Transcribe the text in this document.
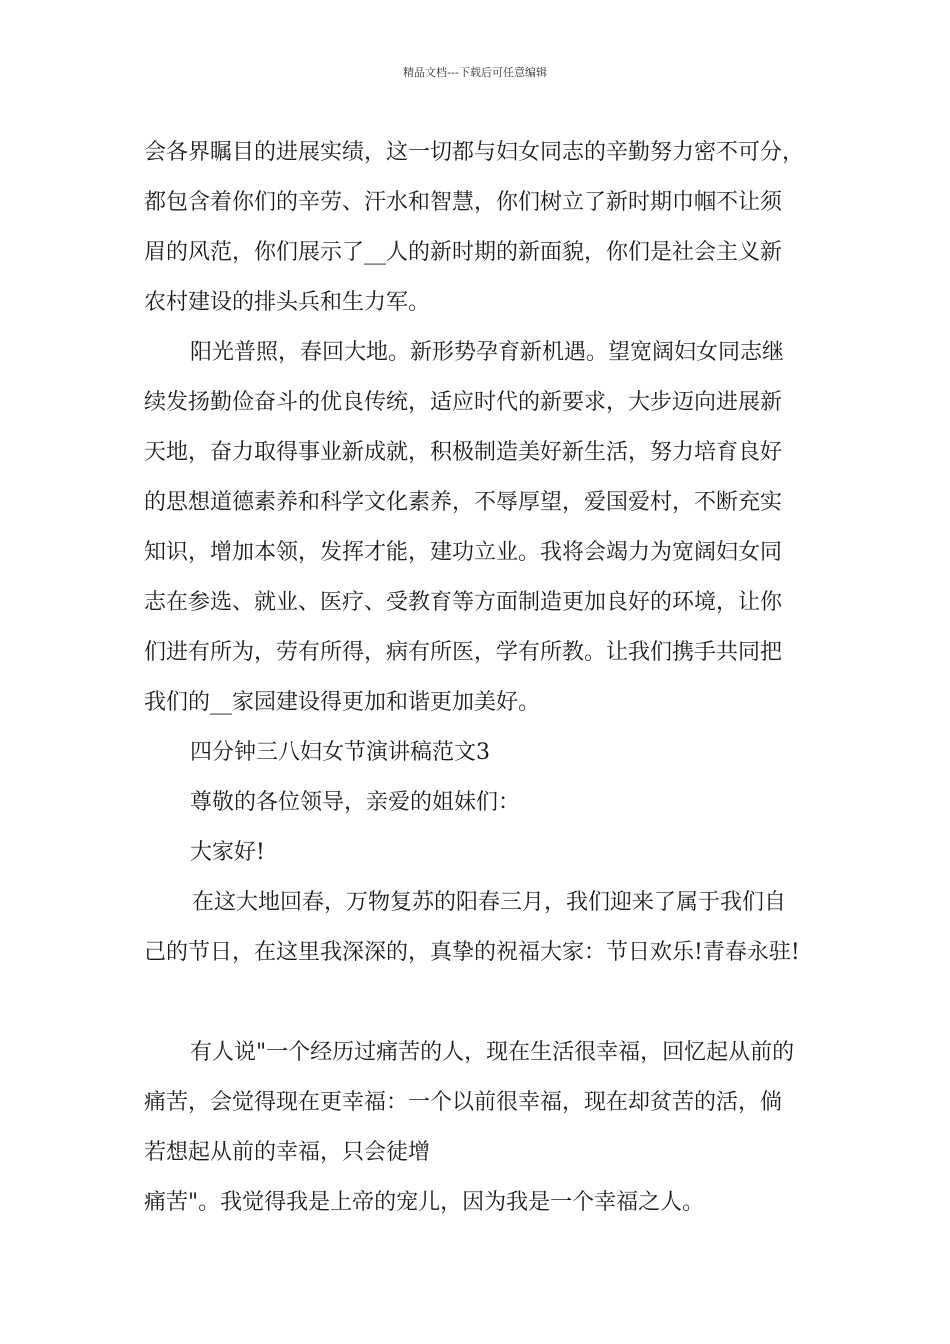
精品文档---下载后可任意编辑
会各界瞩目的进展实绩，这一切都与妇女同志的辛勤努力密不可分，
都包含着你们的辛劳、汗水和智慧，你们树立了新时期巾帼不让须
眉的风范，你们展示了__人的新时期的新面貌，你们是社会主义新
农村建设的排头兵和生力军。
阳光普照，春回大地。新形势孕育新机遇。望宽阔妇女同志继
续发扬勤俭奋斗的优良传统，适应时代的新要求，大步迈向进展新
天地，奋力取得事业新成就，积极制造美好新生活，努力培育良好
的思想道德素养和科学文化素养，不辱厚望，爱国爱村，不断充实
知识，增加本领，发挥才能，建功立业。我将会竭力为宽阔妇女同
志在参选、就业、医疗、受教育等方面制造更加良好的环境，让你
们进有所为，劳有所得，病有所医，学有所教。让我们携手共同把
我们的__家园建设得更加和谐更加美好。
四分钟三八妇女节演讲稿范文3
尊敬的各位领导，亲爱的姐妹们：
大家好!
在这大地回春，万物复苏的阳春三月，我们迎来了属于我们自
己的节日，在这里我深深的，真挚的祝福大家：节日欢乐!青春永驻!
有人说"一个经历过痛苦的人，现在生活很幸福，回忆起从前的
痛苦，会觉得现在更幸福：一个以前很幸福，现在却贫苦的活，倘
若想起从前的幸福，只会徒增
痛苦"。我觉得我是上帝的宠儿，因为我是一个幸福之人。
